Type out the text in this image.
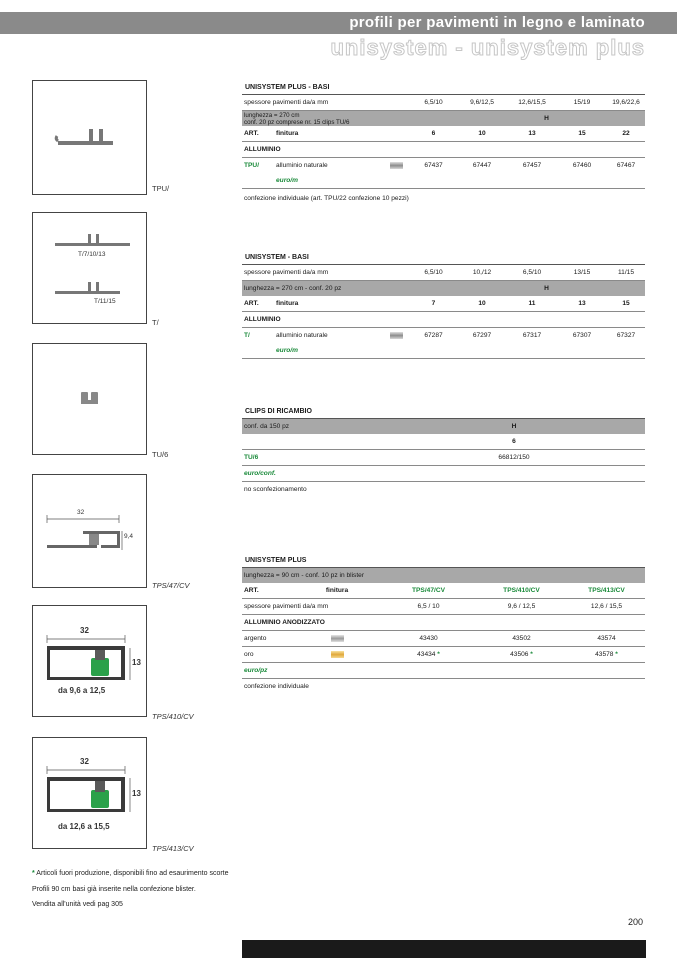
profili per pavimenti in legno e laminato
unisystem - unisystem plus
TPU/
T/7/10/13
T/11/15
T/
TU/6
32
9,4
TPS/47/CV
32
13
da 9,6 a 12,5
TPS/410/CV
32
13
da 12,6 a 15,5
TPS/413/CV
UNISYSTEM PLUS - BASI							
spessore pavimenti da/a mm			6,5/10	9,6/12,5	12,6/15,5	15/19	19,6/22,6
lunghezza = 270 cm
conf. 20 pz comprese nr. 15 clips TU/6			H				
ART.	finitura		6	10	13	15	22
ALLUMINIO							
TPU/	alluminio naturale		67437	67447	67457	67460	67467
	euro/m						
confezione individuale (art. TPU/22 confezione 10 pezzi)							
UNISYSTEM - BASI							
spessore pavimenti da/a mm			6,5/10	10,/12	6,5/10	13/15	11/15
lunghezza = 270 cm - conf. 20 pz			H				
ART.	finitura		7	10	11	13	15
ALLUMINIO							
T/	alluminio naturale		67287	67297	67317	67307	67327
	euro/m						
CLIPS DI RICAMBIO		
conf. da 150 pz	H	
	6	
TU/6	66812/150	
euro/conf.		
no sconfezionamento		
UNISYSTEM PLUS					
lunghezza = 90 cm - conf. 10 pz in blister					
ART.	finitura		TPS/47/CV	TPS/410/CV	TPS/413/CV
spessore pavimenti da/a mm			6,5 / 10	9,6 / 12,5	12,6 / 15,5
ALLUMINIO ANODIZZATO					
argento			43430	43502	43574
oro			43434 *	43506 *	43578 *
euro/pz					
confezione individuale					
* Articoli fuori produzione, disponibili fino ad esaurimento scorte
Profili 90 cm basi già inserite nella confezione blister.
Vendita all'unità vedi pag 305
200
